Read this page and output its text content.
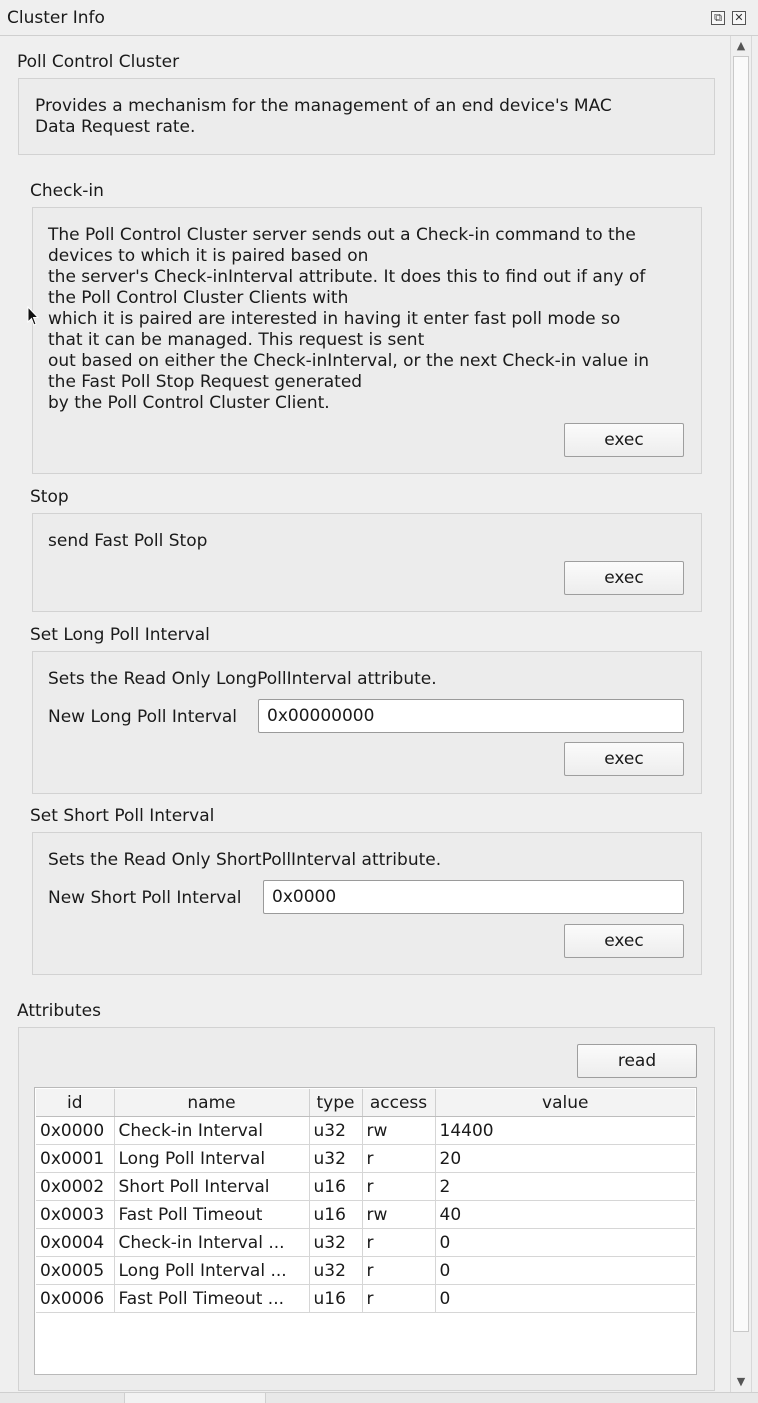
Cluster Info	⧉ ✕
▲
▼
Poll Control Cluster
Provides a mechanism for the management of an end device's MAC
Data Request rate.
Check-in
The Poll Control Cluster server sends out a Check-in command to the
devices to which it is paired based on
the server's Check-inInterval attribute. It does this to find out if any of
the Poll Control Cluster Clients with
which it is paired are interested in having it enter fast poll mode so
that it can be managed. This request is sent
out based on either the Check-inInterval, or the next Check-in value in
the Fast Poll Stop Request generated
by the Poll Control Cluster Client.
exec
Stop
send Fast Poll Stop
exec
Set Long Poll Interval
Sets the Read Only LongPollInterval attribute.
New Long Poll Interval
0x00000000
exec
Set Short Poll Interval
Sets the Read Only ShortPollInterval attribute.
New Short Poll Interval
0x0000
exec
Attributes
read
id	name	type	access	value
0x0000	Check-in Interval	u32	rw	14400
0x0001	Long Poll Interval	u32	r	20
0x0002	Short Poll Interval	u16	r	2
0x0003	Fast Poll Timeout	u16	rw	40
0x0004	Check-in Interval ...	u32	r	0
0x0005	Long Poll Interval ...	u32	r	0
0x0006	Fast Poll Timeout ...	u16	r	0
